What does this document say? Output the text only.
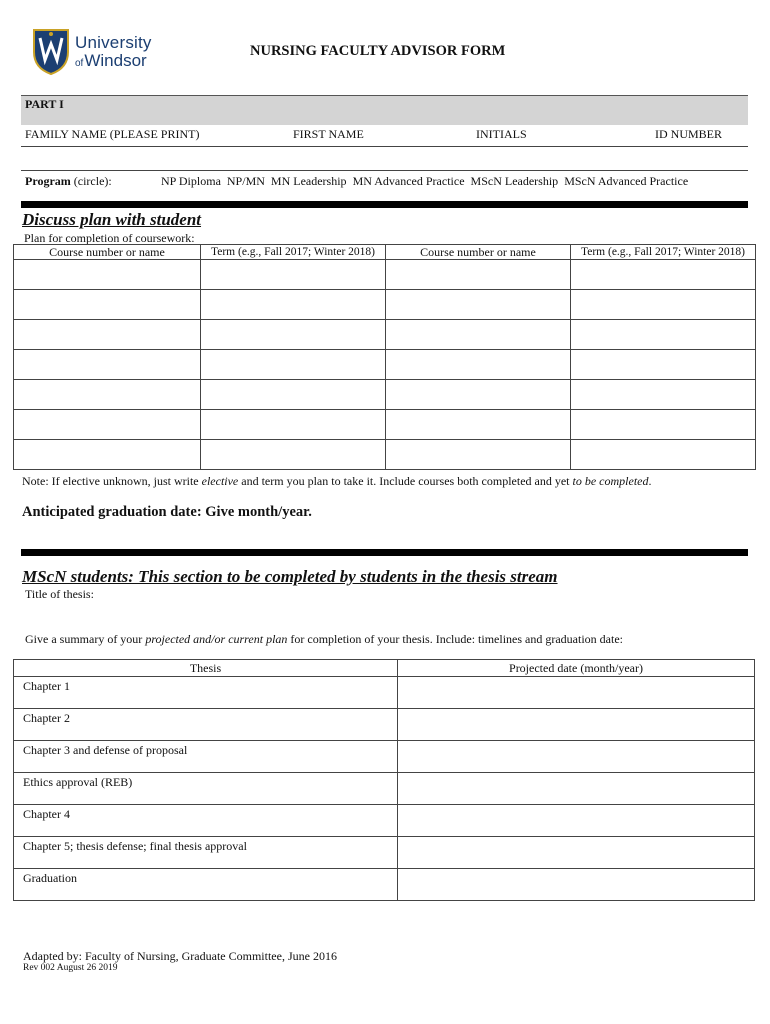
University
ofWindsor	NURSING FACULTY ADVISOR FORM
PART I
FAMILY NAME (PLEASE PRINT)	FIRST NAME	INITIALS	ID NUMBER
Program (circle):	NP Diploma NP/MN MN Leadership MN Advanced Practice MScN Leadership MScN Advanced Practice
Discuss plan with student
Plan for completion of coursework:
Course number or name	Term (e.g., Fall 2017; Winter 2018)	Course number or name	Term (e.g., Fall 2017; Winter 2018)

Note: If elective unknown, just write elective and term you plan to take it. Include courses both completed and yet to be completed.
Anticipated graduation date: Give month/year.
MScN students: This section to be completed by students in the thesis stream
Title of thesis:
Give a summary of your projected and/or current plan for completion of your thesis. Include: timelines and graduation date:
Thesis	Projected date (month/year)
Chapter 1	
Chapter 2	
Chapter 3 and defense of proposal	
Ethics approval (REB)	
Chapter 4	
Chapter 5; thesis defense; final thesis approval	
Graduation	
Adapted by: Faculty of Nursing, Graduate Committee, June 2016
Rev 002 August 26 2019
